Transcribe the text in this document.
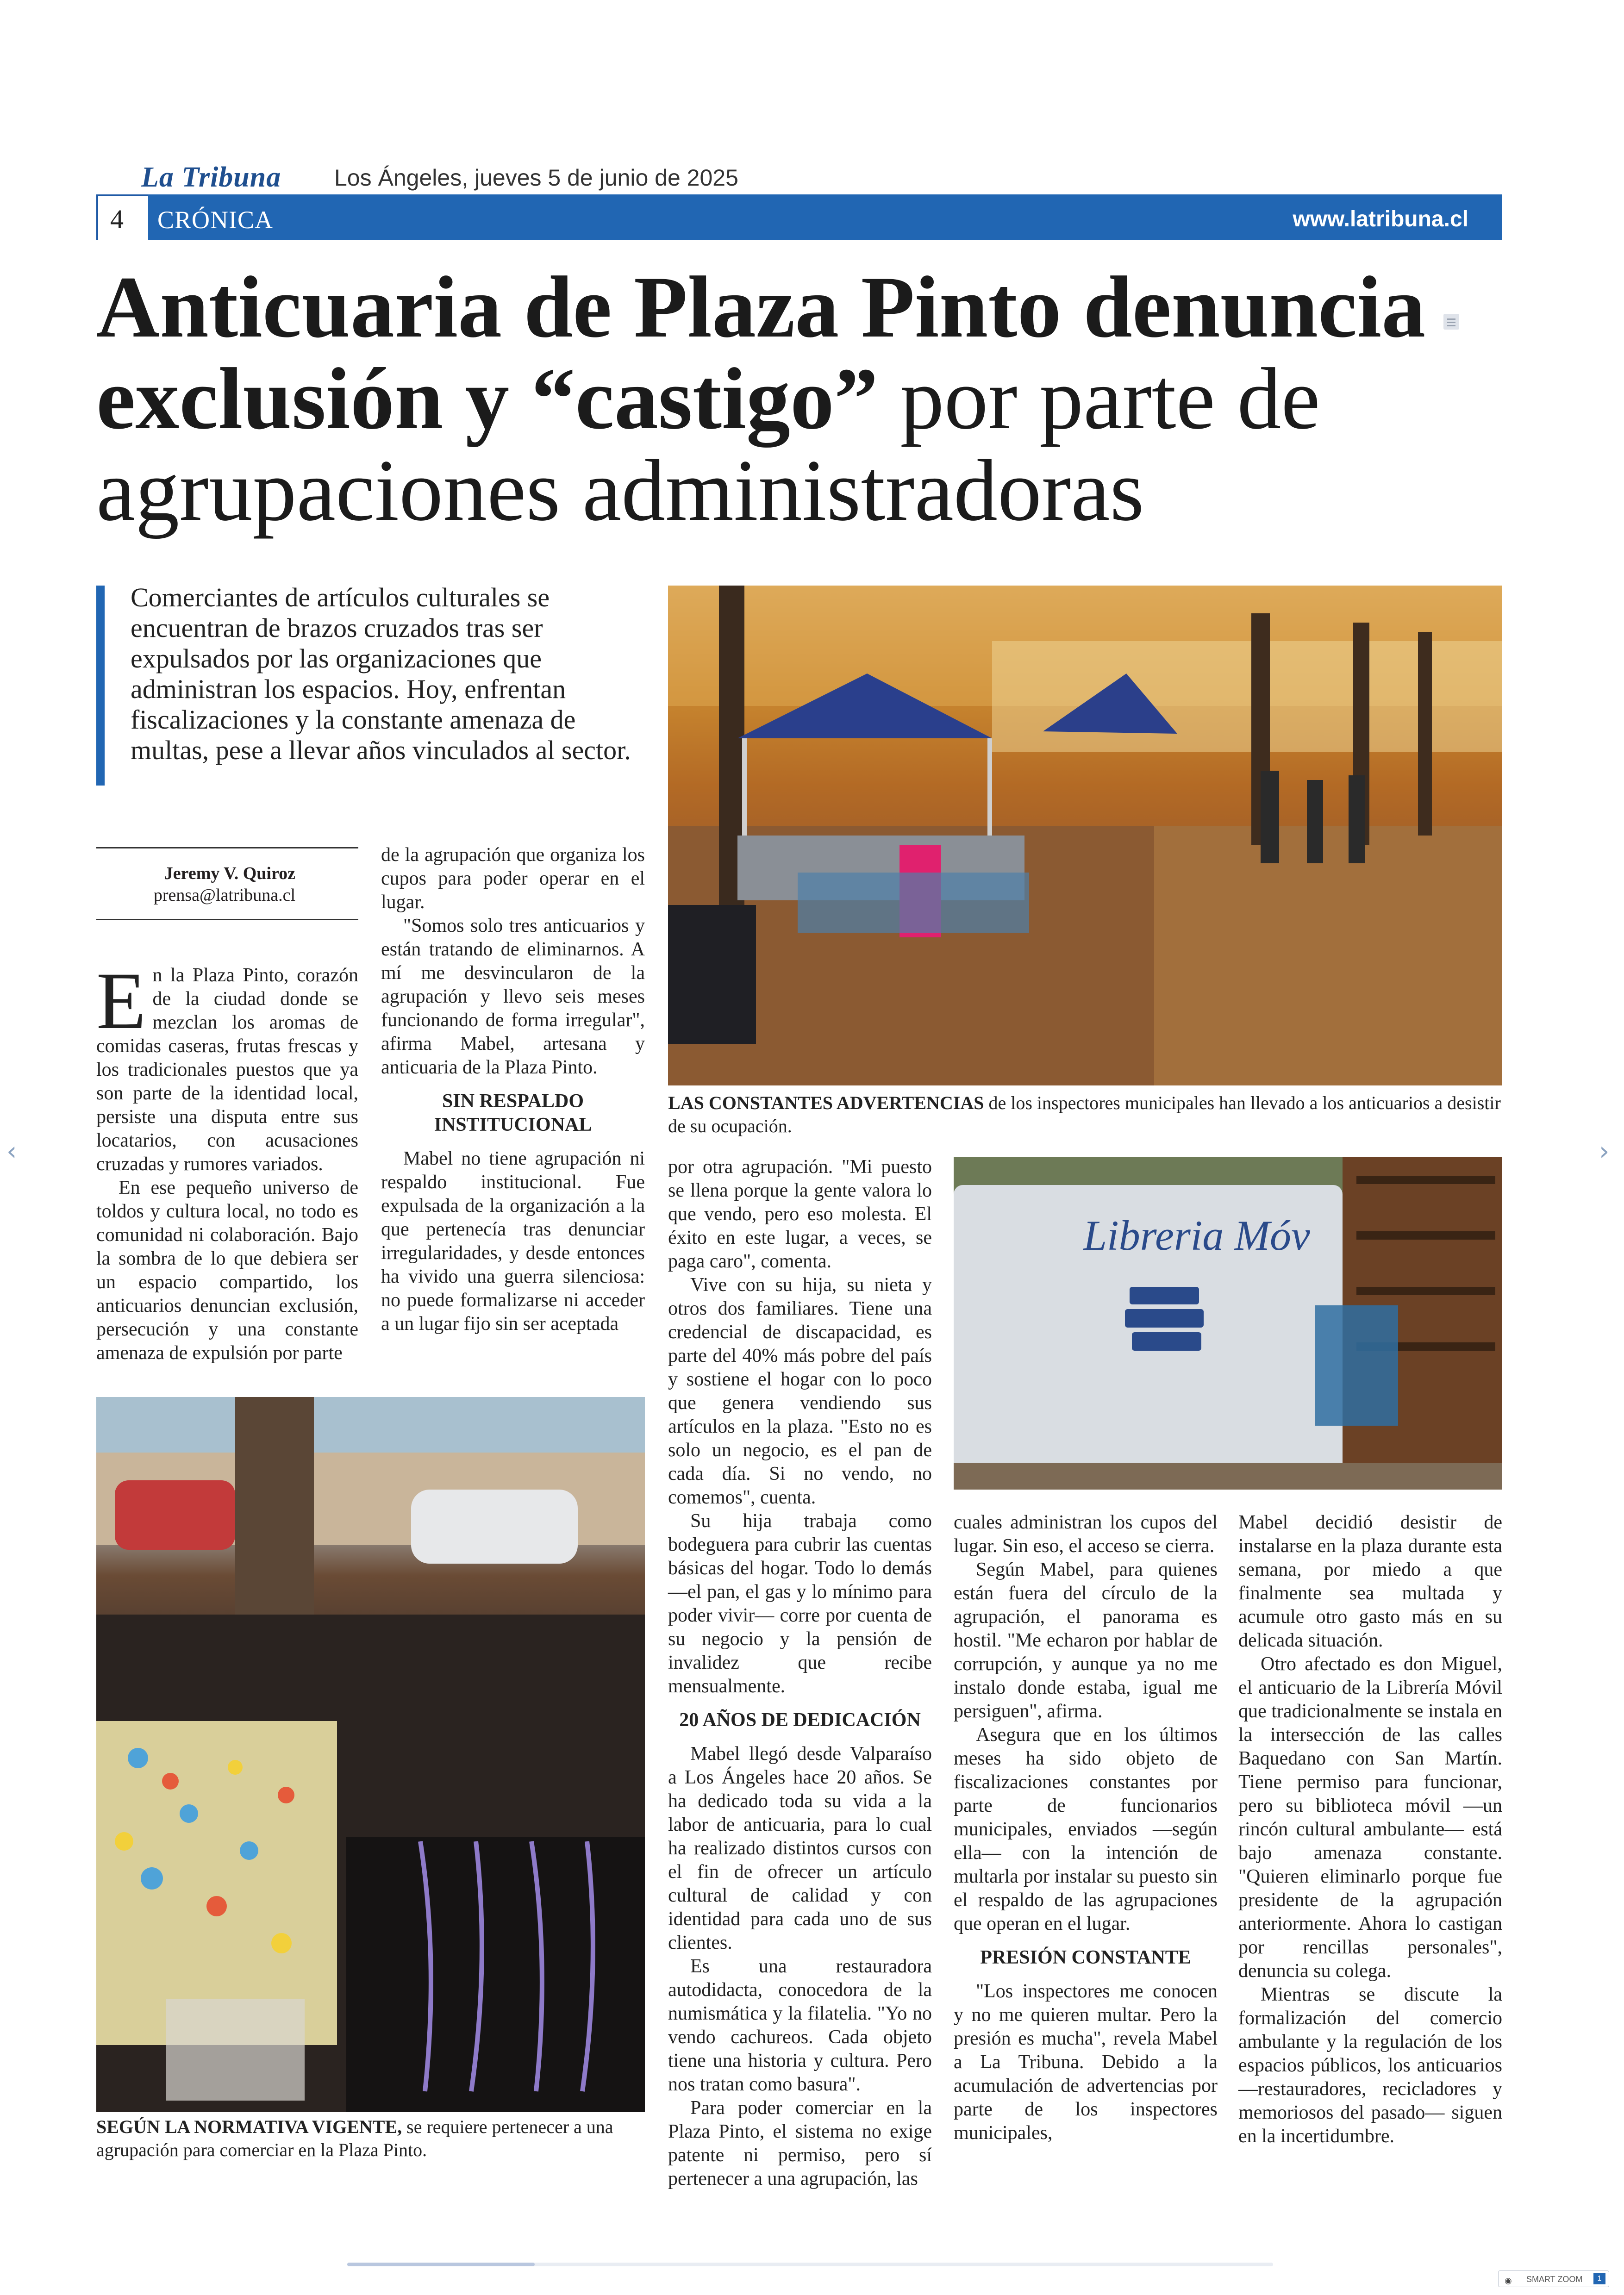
La Tribuna Los Ángeles, jueves 5 de junio de 2025
CRÓNICA
4	www.latribuna.cl
Anticuaria de Plaza Pinto denuncia
exclusión y “castigo” por parte de
agrupaciones administradoras
Comerciantes de artículos culturales se encuentran de brazos cruzados tras ser expulsados por las organizaciones que administran los espacios. Hoy, enfrentan fiscalizaciones y la constante amenaza de multas, pese a llevar años vinculados al sector.
LAS CONSTANTES ADVERTENCIAS de los inspectores municipales han llevado a los anticuarios a desistir de su ocupación.
Libreria Móv
SEGÚN LA NORMATIVA VIGENTE, se requiere pertenecer a una agrupación para comerciar en la Plaza Pinto.
Jeremy V. Quiroz
prensa@latribuna.cl

En la Plaza Pinto, corazón de la ciudad donde se mezclan los aromas de comidas caseras, frutas frescas y los tradicionales puestos que ya son parte de la identidad local, persiste una disputa entre sus locatarios, con acusaciones cruzadas y rumores variados.

En ese pequeño universo de toldos y cultura local, no todo es comunidad ni colaboración. Bajo la sombra de lo que debiera ser un espacio compartido, los anticuarios denuncian exclusión, persecución y una constante amenaza de expulsión por parte

de la agrupación que organiza los cupos para poder operar en el lugar.

"Somos solo tres anticuarios y están tratando de eliminarnos. A mí me desvincularon de la agrupación y llevo seis meses funcionando de forma irregular", afirma Mabel, artesana y anticuaria de la Plaza Pinto.

SIN RESPALDO INSTITUCIONAL

Mabel no tiene agrupación ni respaldo institucional. Fue expulsada de la organización a la que pertenecía tras denunciar irregularidades, y desde entonces ha vivido una guerra silenciosa: no puede formalizarse ni acceder a un lugar fijo sin ser aceptada

por otra agrupación. "Mi puesto se llena porque la gente valora lo que vendo, pero eso molesta. El éxito en este lugar, a veces, se paga caro", comenta.

Vive con su hija, su nieta y otros dos familiares. Tiene una credencial de discapacidad, es parte del 40% más pobre del país y sostiene el hogar con lo poco que genera vendiendo sus artículos en la plaza. "Esto no es solo un negocio, es el pan de cada día. Si no vendo, no comemos", cuenta.

Su hija trabaja como bodeguera para cubrir las cuentas básicas del hogar. Todo lo demás —el pan, el gas y lo mínimo para poder vivir— corre por cuenta de su negocio y la pensión de invalidez que recibe mensualmente.

20 AÑOS DE DEDICACIÓN

Mabel llegó desde Valparaíso a Los Ángeles hace 20 años. Se ha dedicado toda su vida a la labor de anticuaria, para lo cual ha realizado distintos cursos con el fin de ofrecer un artículo cultural de calidad y con identidad para cada uno de sus clientes.

Es una restauradora autodidacta, conocedora de la numismática y la filatelia. "Yo no vendo cachureos. Cada objeto tiene una historia y cultura. Pero nos tratan como basura".

Para poder comerciar en la Plaza Pinto, el sistema no exige patente ni permiso, pero sí pertenecer a una agrupación, las

cuales administran los cupos del lugar. Sin eso, el acceso se cierra.

Según Mabel, para quienes están fuera del círculo de la agrupación, el panorama es hostil. "Me echaron por hablar de corrupción, y aunque ya no me instalo donde estaba, igual me persiguen", afirma.

Asegura que en los últimos meses ha sido objeto de fiscalizaciones constantes por parte de funcionarios municipales, enviados —según ella— con la intención de multarla por instalar su puesto sin el respaldo de las agrupaciones que operan en el lugar.

PRESIÓN CONSTANTE

"Los inspectores me conocen y no me quieren multar. Pero la presión es mucha", revela Mabel a La Tribuna. Debido a la acumulación de advertencias por parte de los inspectores municipales,

Mabel decidió desistir de instalarse en la plaza durante esta semana, por miedo a que finalmente sea multada y acumule otro gasto más en su delicada situación.

Otro afectado es don Miguel, el anticuario de la Librería Móvil que tradicionalmente se instala en la intersección de las calles Baquedano con San Martín. Tiene permiso para funcionar, pero su biblioteca móvil —un rincón cultural ambulante— está bajo amenaza constante. "Quieren eliminarlo porque fue presidente de la agrupación anteriormente. Ahora lo castigan por rencillas personales", denuncia su colega.

Mientras se discute la formalización del comercio ambulante y la regulación de los espacios públicos, los anticuarios —restauradores, recicladores y memoriosos del pasado— siguen en la incertidumbre.

‹	›
SMART ZOOM
◉	1
